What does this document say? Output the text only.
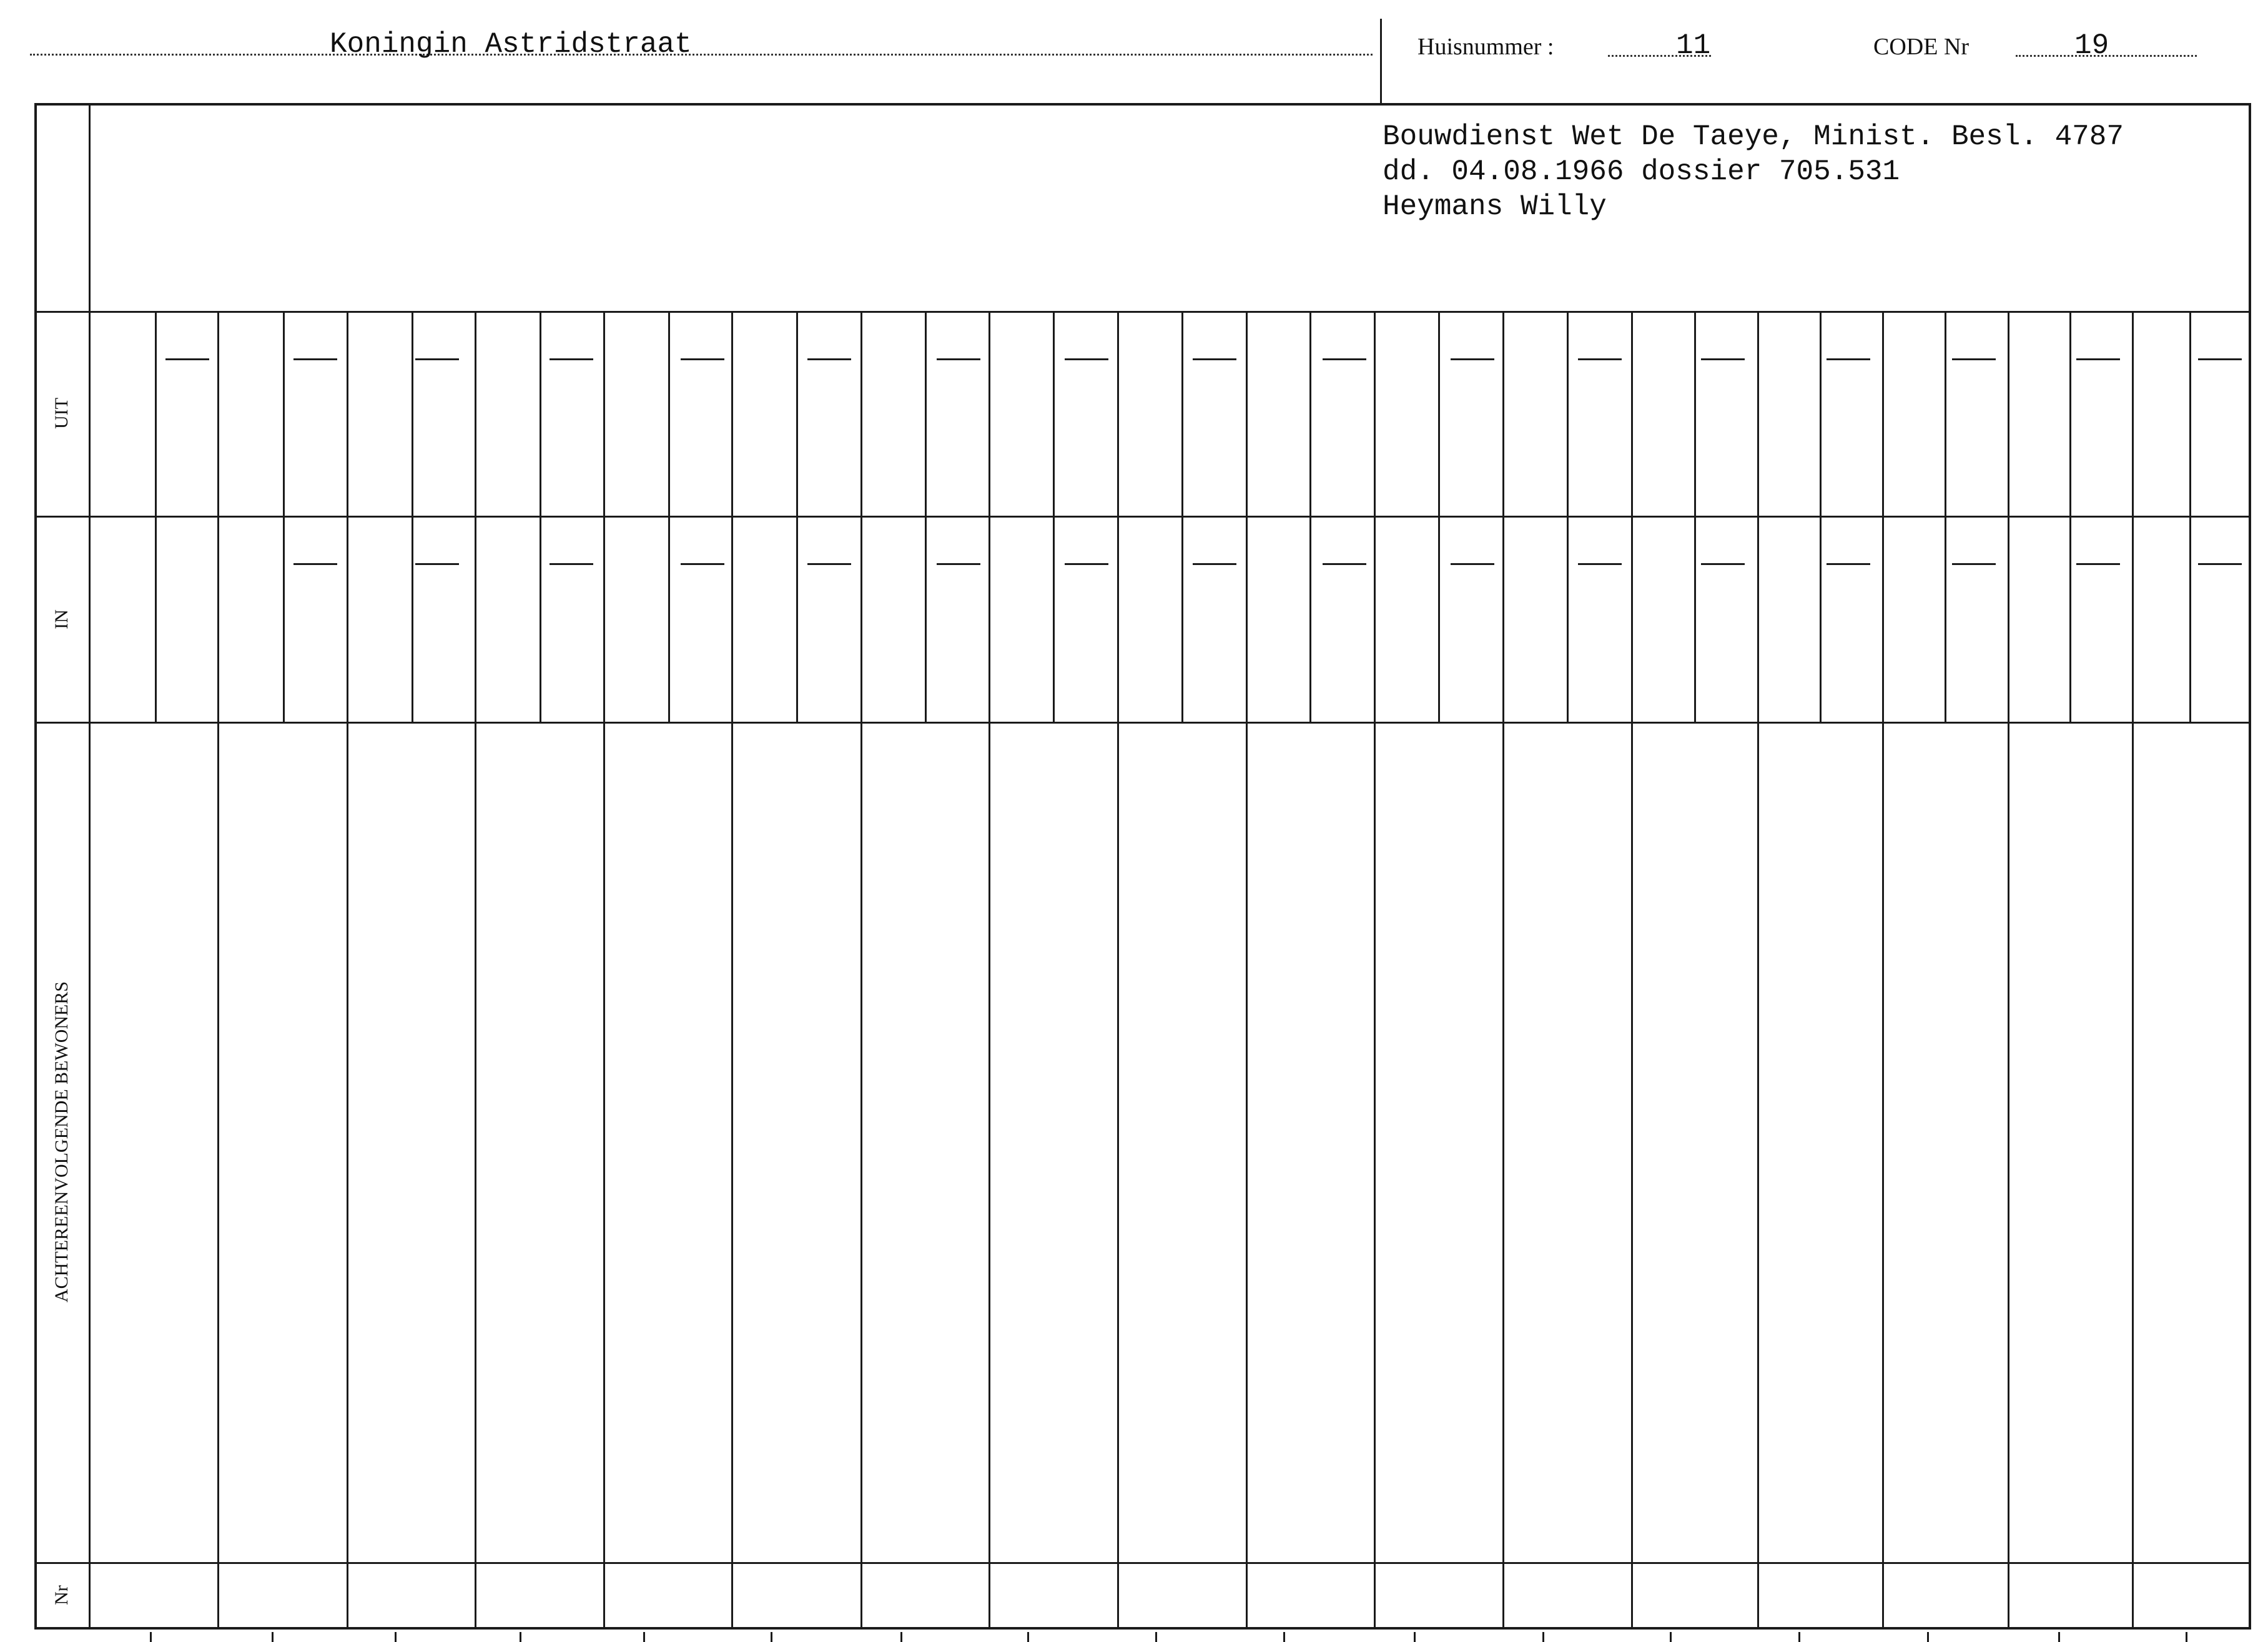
Koningin Astridstraat	Huisnummer :	11	CODE Nr	19
Bouwdienst Wet De Taeye, Minist. Besl. 4787
dd. 04.08.1966 dossier 705.531
Heymans Willy
UIT
IN
ACHTEREENVOLGENDE BEWONERS
Nr
